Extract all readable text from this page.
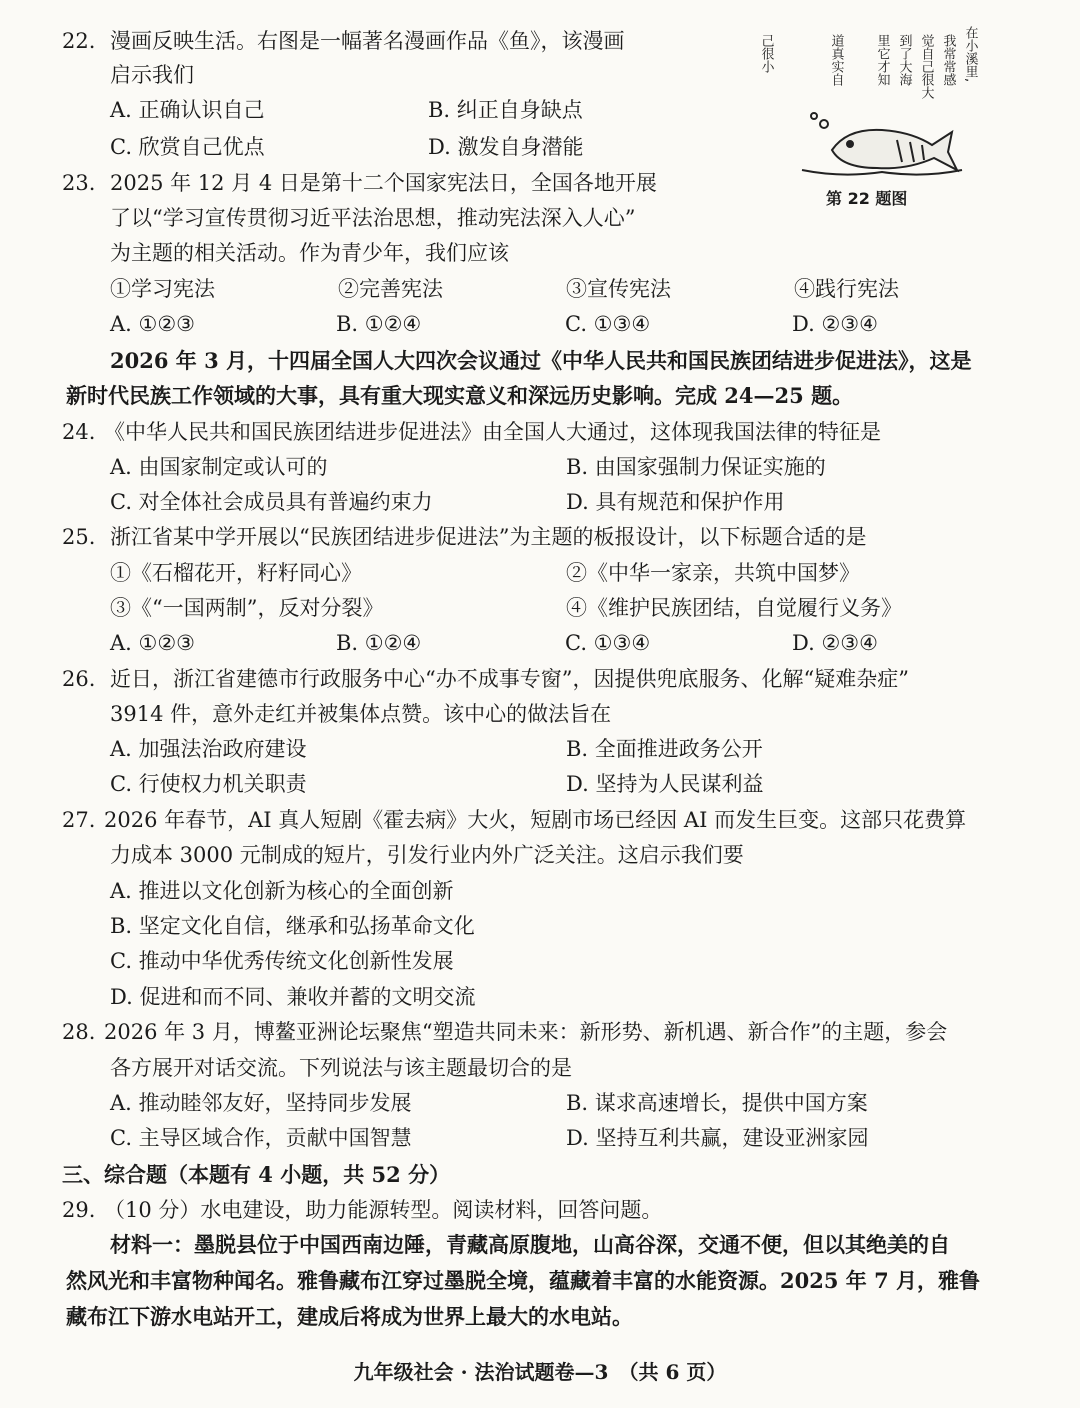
22. 漫画反映生活。右图是一幅著名漫画作品《鱼》，该漫画
启示我们
A. 正确认识自己	B. 纠正自身缺点
C. 欣赏自己优点	D. 激发自身潜能
在小溪里,
我常常感
觉自己很大
到了大海
里它才知
道真实自
己很小
第 22 题图
23. 2025 年 12 月 4 日是第十二个国家宪法日，全国各地开展
了以“学习宣传贯彻习近平法治思想，推动宪法深入人心”
为主题的相关活动。作为青少年，我们应该
①学习宪法	②完善宪法	③宣传宪法	④践行宪法
A. ①②③	B. ①②④	C. ①③④	D. ②③④
2026 年 3 月，十四届全国人大四次会议通过《中华人民共和国民族团结进步促进法》，这是
新时代民族工作领域的大事，具有重大现实意义和深远历史影响。完成 24—25 题。
24. 《中华人民共和国民族团结进步促进法》由全国人大通过，这体现我国法律的特征是
A. 由国家制定或认可的	B. 由国家强制力保证实施的
C. 对全体社会成员具有普遍约束力	D. 具有规范和保护作用
25. 浙江省某中学开展以“民族团结进步促进法”为主题的板报设计，以下标题合适的是
①《石榴花开，籽籽同心》	②《中华一家亲，共筑中国梦》
③《“一国两制”，反对分裂》	④《维护民族团结，自觉履行义务》
A. ①②③	B. ①②④	C. ①③④	D. ②③④
26. 近日，浙江省建德市行政服务中心“办不成事专窗”，因提供兜底服务、化解“疑难杂症”
3914 件，意外走红并被集体点赞。该中心的做法旨在
A. 加强法治政府建设	B. 全面推进政务公开
C. 行使权力机关职责	D. 坚持为人民谋利益
27. 2026 年春节，AI 真人短剧《霍去病》大火，短剧市场已经因 AI 而发生巨变。这部只花费算
力成本 3000 元制成的短片，引发行业内外广泛关注。这启示我们要
A. 推进以文化创新为核心的全面创新
B. 坚定文化自信，继承和弘扬革命文化
C. 推动中华优秀传统文化创新性发展
D. 促进和而不同、兼收并蓄的文明交流
28. 2026 年 3 月，博鳌亚洲论坛聚焦“塑造共同未来：新形势、新机遇、新合作”的主题，参会
各方展开对话交流。下列说法与该主题最切合的是
A. 推动睦邻友好，坚持同步发展	B. 谋求高速增长，提供中国方案
C. 主导区域合作，贡献中国智慧	D. 坚持互利共赢，建设亚洲家园
三、综合题（本题有 4 小题，共 52 分）
29. （10 分）水电建设，助力能源转型。阅读材料，回答问题。
材料一：墨脱县位于中国西南边陲，青藏高原腹地，山高谷深，交通不便，但以其绝美的自
然风光和丰富物种闻名。雅鲁藏布江穿过墨脱全境，蕴藏着丰富的水能资源。2025 年 7 月，雅鲁
藏布江下游水电站开工，建成后将成为世界上最大的水电站。
九年级社会 · 法治试题卷—3　（共 6 页）
